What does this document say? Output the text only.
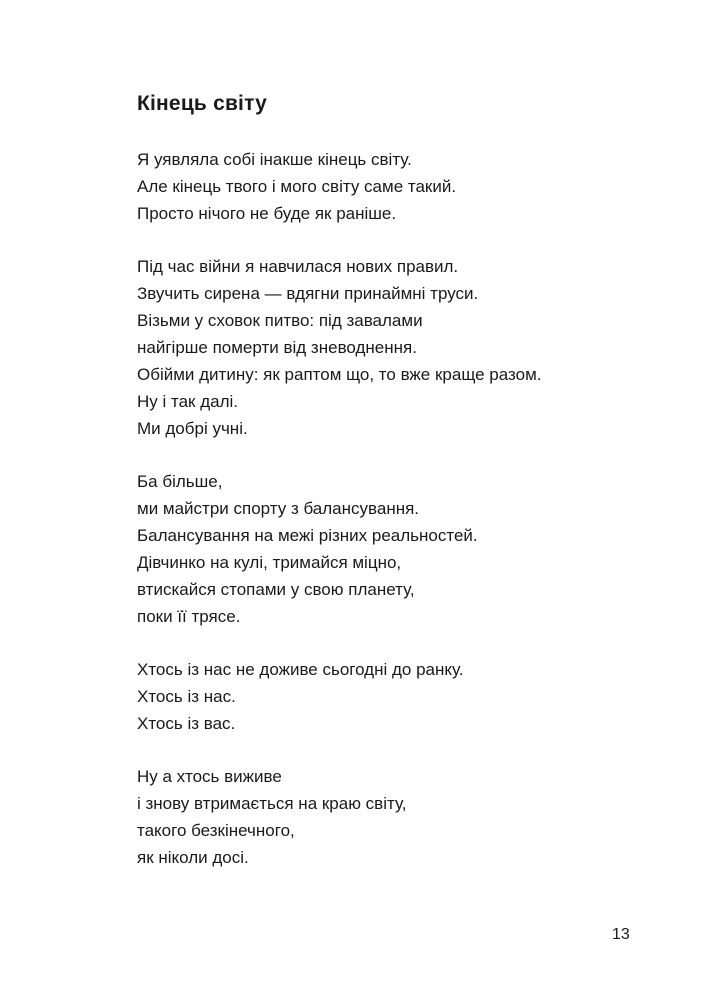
Кінець світу
Я уявляла собі інакше кінець світу.
Але кінець твого і мого світу саме такий.
Просто нічого не буде як раніше.
Під час війни я навчилася нових правил.
Звучить сирена — вдягни принаймні труси.
Візьми у сховок питво: під завалами
найгірше померти від зневоднення.
Обійми дитину: як раптом що, то вже краще разом.
Ну і так далі.
Ми добрі учні.
Ба більше,
ми майстри спорту з балансування.
Балансування на межі різних реальностей.
Дівчинко на кулі, тримайся міцно,
втискайся стопами у свою планету,
поки її трясе.
Хтось із нас не доживе сьогодні до ранку.
Хтось із нас.
Хтось із вас.
Ну а хтось виживе
і знову втримається на краю світу,
такого безкінечного,
як ніколи досі.
13
